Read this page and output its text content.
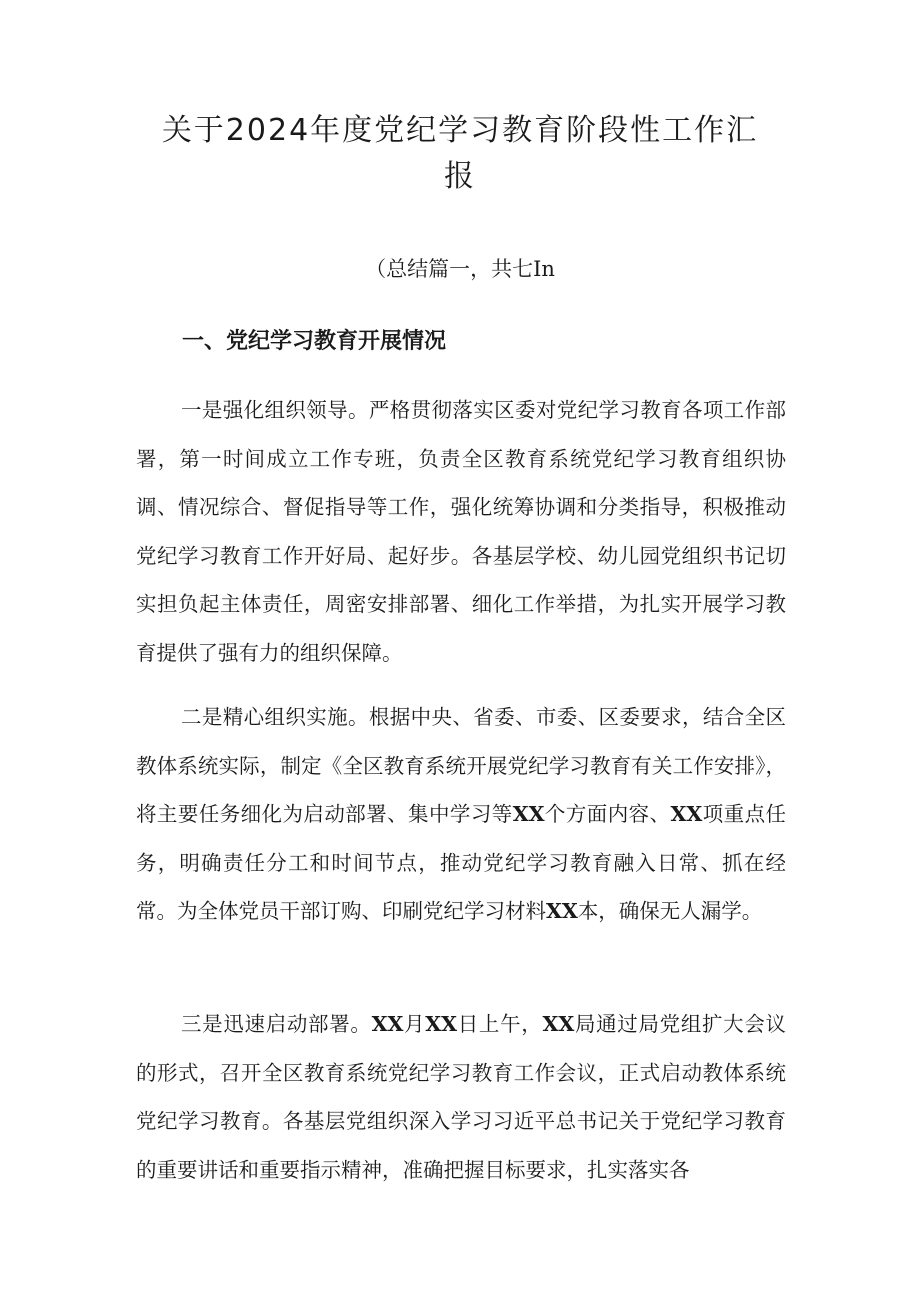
关于2024年度党纪学习教育阶段性工作汇报

（总结篇一，共七In

一、党纪学习教育开展情况

一是强化组织领导。严格贯彻落实区委对党纪学习教育各项工作部署，第一时间成立工作专班，负责全区教育系统党纪学习教育组织协调、情况综合、督促指导等工作，强化统筹协调和分类指导，积极推动党纪学习教育工作开好局、起好步。各基层学校、幼儿园党组织书记切实担负起主体责任，周密安排部署、细化工作举措，为扎实开展学习教育提供了强有力的组织保障。

二是精心组织实施。根据中央、省委、市委、区委要求，结合全区教体系统实际，制定《全区教育系统开展党纪学习教育有关工作安排》，将主要任务细化为启动部署、集中学习等XX个方面内容、XX项重点任务，明确责任分工和时间节点，推动党纪学习教育融入日常、抓在经常。为全体党员干部订购、印刷党纪学习材料XX本，确保无人漏学。

三是迅速启动部署。XX月XX日上午，XX局通过局党组扩大会议的形式，召开全区教育系统党纪学习教育工作会议，正式启动教体系统党纪学习教育。各基层党组织深入学习习近平总书记关于党纪学习教育的重要讲话和重要指示精神，准确把握目标要求，扎实落实各
